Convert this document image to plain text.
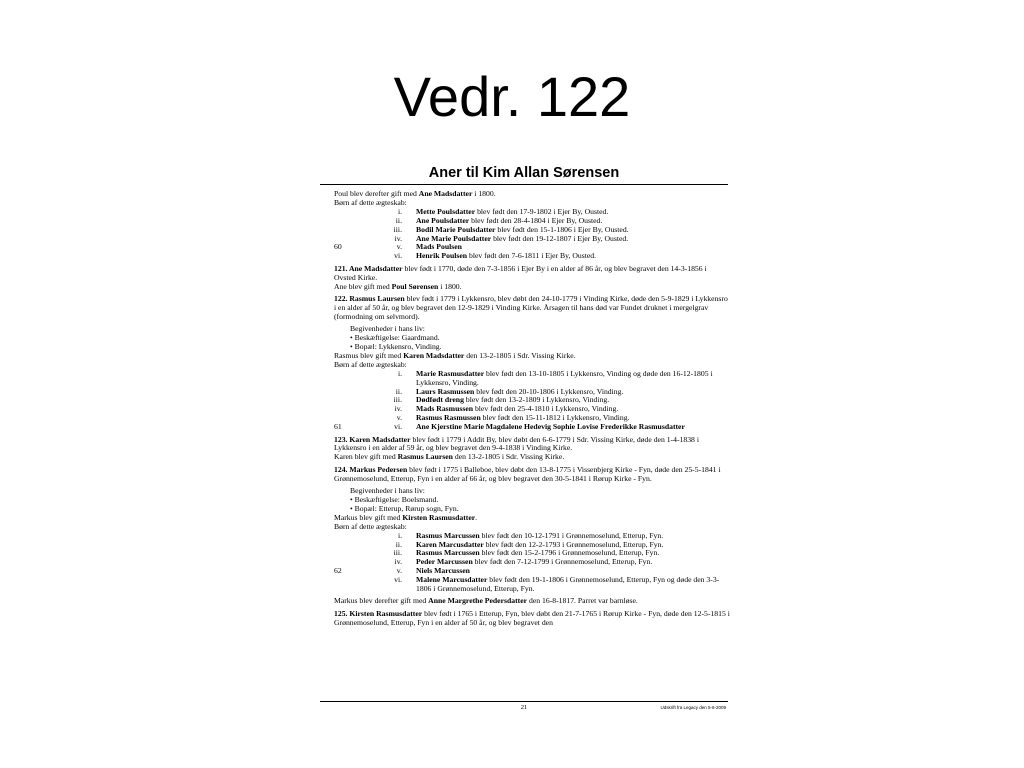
Vedr. 122
Aner til Kim Allan Sørensen

Poul blev derefter gift med Ane Madsdatter i 1800.

Børn af dette ægteskab:

i. Mette Poulsdatter blev født den 17-9-1802 i Ejer By, Ousted.

ii. Ane Poulsdatter blev født den 28-4-1804 i Ejer By, Ousted.

iii. Bodil Marie Poulsdatter blev født den 15-1-1806 i Ejer By, Ousted.

iv. Ane Marie Poulsdatter blev født den 19-12-1807 i Ejer By, Ousted.

60	v. Mads Poulsen

vi. Henrik Poulsen blev født den 7-6-1811 i Ejer By, Ousted.

121. Ane Madsdatter blev født i 1770, døde den 7-3-1856 i Ejer By i en alder af 86 år, og blev begravet den 14-3-1856 i Ovsted Kirke.

Ane blev gift med Poul Sørensen i 1800.

122. Rasmus Laursen blev født i 1779 i Lykkensro, blev døbt den 24-10-1779 i Vinding Kirke, døde den 5-9-1829 i Lykkensro i en alder af 50 år, og blev begravet den 12-9-1829 i Vinding Kirke. Årsagen til hans død var Fundet druknet i mergelgrav (formodning om selvmord).

Begivenheder i hans liv:

• Beskæftigelse: Gaardmand.

• Bopæl: Lykkensro, Vinding.

Rasmus blev gift med Karen Madsdatter den 13-2-1805 i Sdr. Vissing Kirke.

Børn af dette ægteskab:

i. Marie Rasmusdatter blev født den 13-10-1805 i Lykkensro, Vinding og døde den 16-12-1805 i Lykkensro, Vinding.

ii. Laurs Rasmussen blev født den 20-10-1806 i Lykkensro, Vinding.

iii. Dødfødt dreng blev født den 13-2-1809 i Lykkensro, Vinding.

iv. Mads Rasmussen blev født den 25-4-1810 i Lykkensro, Vinding.

v. Rasmus Rasmussen blev født den 15-11-1812 i Lykkensro, Vinding.

61	vi. Ane Kjerstine Marie Magdalene Hedevig Sophie Lovise Frederikke Rasmusdatter

123. Karen Madsdatter blev født i 1779 i Addit By, blev døbt den 6-6-1779 i Sdr. Vissing Kirke, døde den 1-4-1838 i Lykkensro i en alder af 59 år, og blev begravet den 9-4-1838 i Vinding Kirke.

Karen blev gift med Rasmus Laursen den 13-2-1805 i Sdr. Vissing Kirke.

124. Markus Pedersen blev født i 1775 i Balleboe, blev døbt den 13-8-1775 i Vissenbjerg Kirke - Fyn, døde den 25-5-1841 i Grønnemoselund, Etterup, Fyn i en alder af 66 år, og blev begravet den 30-5-1841 i Rørup Kirke - Fyn.

Begivenheder i hans liv:

• Beskæftigelse: Boelsmand.

• Bopæl: Etterup, Rørup sogn, Fyn.

Markus blev gift med Kirsten Rasmusdatter.

Børn af dette ægteskab:

i. Rasmus Marcussen blev født den 10-12-1791 i Grønnemoselund, Etterup, Fyn.

ii. Karen Marcusdatter blev født den 12-2-1793 i Grønnemoselund, Etterup, Fyn.

iii. Rasmus Marcussen blev født den 15-2-1796 i Grønnemoselund, Etterup, Fyn.

iv. Peder Marcussen blev født den 7-12-1799 i Grønnemoselund, Etterup, Fyn.

62	v. Niels Marcussen

vi. Malene Marcusdatter blev født den 19-1-1806 i Grønnemoselund, Etterup, Fyn og døde den 3-3-1806 i Grønnemoselund, Etterup, Fyn.

Markus blev derefter gift med Anne Margrethe Pedersdatter den 16-8-1817. Parret var barnløse.

125. Kirsten Rasmusdatter blev født i 1765 i Etterup, Fyn, blev døbt den 21-7-1765 i Rørup Kirke - Fyn, døde den 12-5-1815 i Grønnemoselund, Etterup, Fyn i en alder af 50 år, og blev begravet den

21	Udskrift fra Legacy den 5-6-2009
